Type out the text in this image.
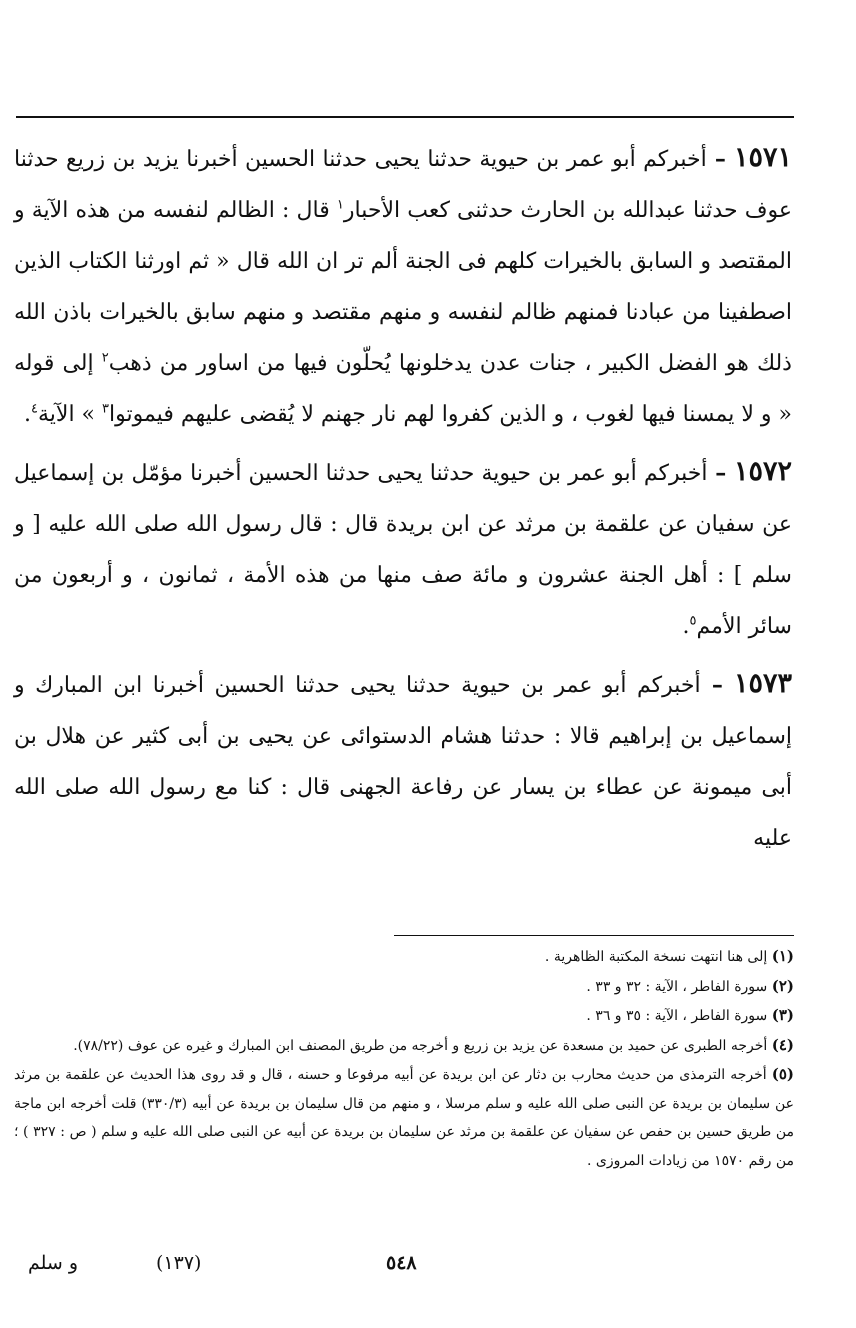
١٥٧١ – أخبركم أبو عمر بن حيوية حدثنا يحيى حدثنا الحسين أخبرنا يزيد بن زريع حدثنا عوف حدثنا عبدالله بن الحارث حدثنى كعب الأحبار$^١$ قال : الظالم لنفسه من هذه الآية و المقتصد و السابق بالخيرات كلهم فى الجنة ألم تر ان الله قال « ثم اورثنا الكتاب الذين اصطفينا من عبادنا فمنهم ظالم لنفسه و منهم مقتصد و منهم سابق بالخيرات باذن الله ذلك هو الفضل الكبير ، جنات عدن يدخلونها يُحلّون فيها من اساور من ذهب$^٢$ إلى قوله « و لا يمسنا فيها لغوب ، و الذين كفروا لهم نار جهنم لا يُقضى عليهم فيموتوا$^٣$ » الآية$^٤$.

١٥٧٢ – أخبركم أبو عمر بن حيوية حدثنا يحيى حدثنا الحسين أخبرنا مؤمّل بن إسماعيل عن سفيان عن علقمة بن مرثد عن ابن بريدة قال : قال رسول الله صلى الله عليه [ و سلم ] : أهل الجنة عشرون و مائة صف منها من هذه الأمة ، ثمانون ، و أربعون من سائر الأمم$^٥$.

١٥٧٣ – أخبركم أبو عمر بن حيوية حدثنا يحيى حدثنا الحسين أخبرنا ابن المبارك و إسماعيل بن إبراهيم قالا : حدثنا هشام الدستوائى عن يحيى بن أبى كثير عن هلال بن أبى ميمونة عن عطاء بن يسار عن رفاعة الجهنى قال : كنا مع رسول الله صلى الله عليه

(١) إلى هنا انتهت نسخة المكتبة الظاهرية .

(٢) سورة الفاطر ، الآية : ٣٢ و ٣٣ .

(٣) سورة الفاطر ، الآية : ٣٥ و ٣٦ .

(٤) أخرجه الطبرى عن حميد بن مسعدة عن يزيد بن زريع و أخرجه من طريق المصنف ابن المبارك و غيره عن عوف (٧٨/٢٢).

(٥) أخرجه الترمذى من حديث محارب بن دثار عن ابن بريدة عن أبيه مرفوعا و حسنه ، قال و قد روى هذا الحديث عن علقمة بن مرثد عن سليمان بن بريدة عن النبى صلى الله عليه و سلم مرسلا ، و منهم من قال سليمان بن بريدة عن أبيه (٣٣٠/٣) قلت أخرجه ابن ماجة من طريق حسين بن حفص عن سفيان عن علقمة بن مرثد عن سليمان بن بريدة عن أبيه عن النبى صلى الله عليه و سلم ( ص : ٣٢٧ ) ؛ من رقم ١٥٧٠ من زيادات المروزى .

و سلم	(١٣٧)	٥٤٨
